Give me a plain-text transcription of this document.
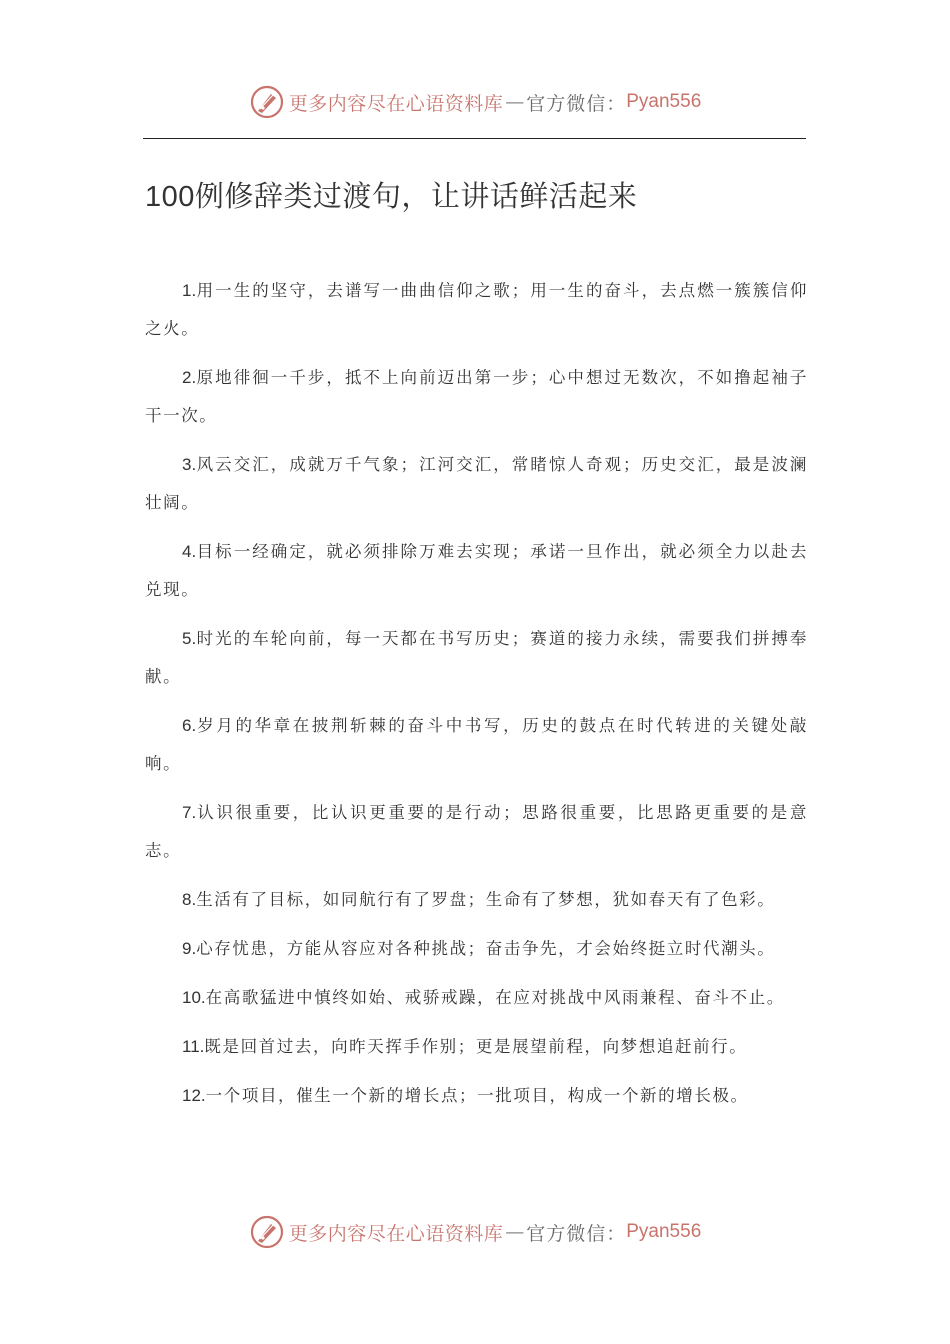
更多内容尽在心语资料库 — 官方微信： Pyan556
100例修辞类过渡句，让讲话鲜活起来

1.用一生的坚守，去谱写一曲曲信仰之歌；用一生的奋斗，去点燃一簇簇信仰之火。

2.原地徘徊一千步，抵不上向前迈出第一步；心中想过无数次，不如撸起袖子干一次。

3.风云交汇，成就万千气象；江河交汇，常睹惊人奇观；历史交汇，最是波澜壮阔。

4.目标一经确定，就必须排除万难去实现；承诺一旦作出，就必须全力以赴去兑现。

5.时光的车轮向前，每一天都在书写历史；赛道的接力永续，需要我们拼搏奉献。

6.岁月的华章在披荆斩棘的奋斗中书写，历史的鼓点在时代转进的关键处敲响。

7.认识很重要，比认识更重要的是行动；思路很重要，比思路更重要的是意志。

8.生活有了目标，如同航行有了罗盘；生命有了梦想，犹如春天有了色彩。

9.心存忧患，方能从容应对各种挑战；奋击争先，才会始终挺立时代潮头。

10.在高歌猛进中慎终如始、戒骄戒躁，在应对挑战中风雨兼程、奋斗不止。

11.既是回首过去，向昨天挥手作别；更是展望前程，向梦想追赶前行。

12.一个项目，催生一个新的增长点；一批项目，构成一个新的增长极。

更多内容尽在心语资料库 — 官方微信： Pyan556
